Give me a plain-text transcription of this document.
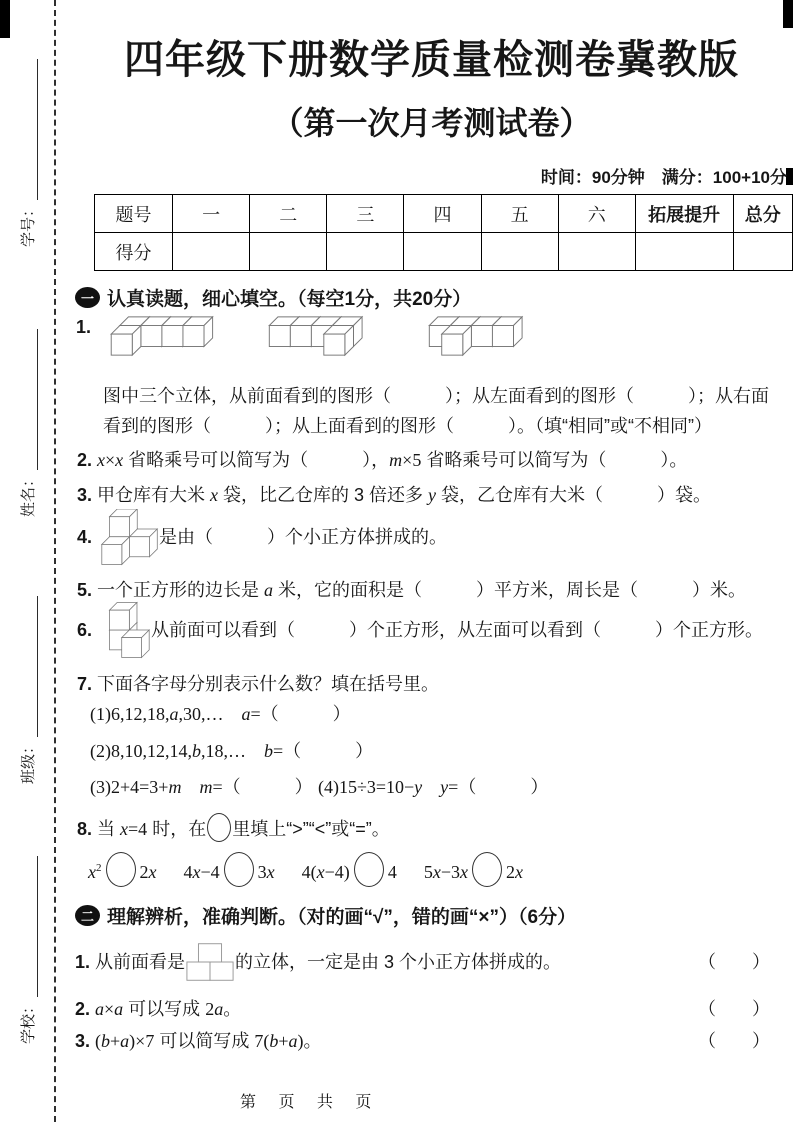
学号：
姓名：
班级：
学校：
四年级下册数学质量检测卷冀教版
（第一次月考测试卷）
时间：90分钟　满分：100+10分
题号	一	二	三	四	五	六	拓展提升	总分
得分								
一 认真读题，细心填空。（每空1分，共20分）
1.
图中三个立体，从前面看到的图形（　　　）；从左面看到的图形（　　　）；从右面
看到的图形（　　　）；从上面看到的图形（　　　）。（填“相同”或“不相同”）
2. x×x 省略乘号可以简写为（　　　），m×5 省略乘号可以简写为（　　　）。
3. 甲仓库有大米 x 袋，比乙仓库的 3 倍还多 y 袋，乙仓库有大米（　　　）袋。
4.	是由（　　　）个小正方体拼成的。
5. 一个正方形的边长是 a 米，它的面积是（　　　）平方米，周长是（　　　）米。
6.	从前面可以看到（　　　）个正方形，从左面可以看到（　　　）个正方形。
7. 下面各字母分别表示什么数？填在括号里。
(1)6,12,18,a,30,…　a=（　　　）
(2)8,10,12,14,b,18,…　b=（　　　）
(3)2+4=3+m　 m=（　　　） (4)15÷3=10−y　 y=（　　　）
8. 当 x=4 时，在 里填上“>”“<”或“=”。
$x^2$ 2x 4x−4 3x 4(x−4) 4 5x−3x 2x
二 理解辨析，准确判断。（对的画“√”，错的画“×”）（6分）
1. 从前面看是	的立体，一定是由 3 个小正方体拼成的。	（　　）
2. a×a 可以写成 2a。	（　　）
3. (b+a)×7 可以简写成 7(b+a)。	（　　）
第 页 共 页
